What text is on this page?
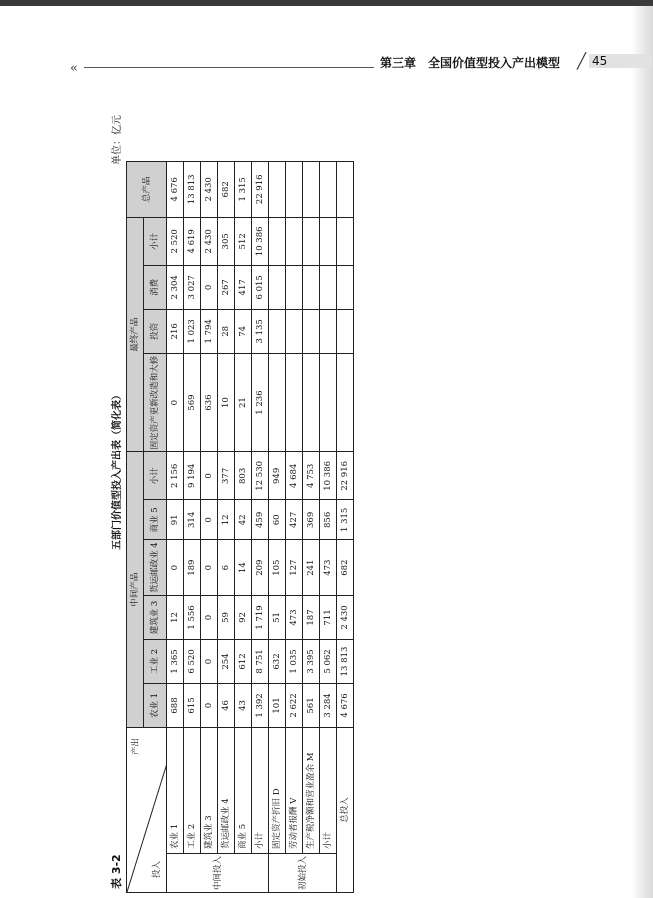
«	第三章　全国价值型投入产出模型 ╱ 45
表 3-2
五部门价值型投入产出表（简化表）
单位：亿元
产出
投入		中间产品						最终产品				总产品
		农业 1	工业 2	建筑业 3	货运邮政业 4	商业 5	小计	固定资产更新改造和大修	投资	消费	小计	
中间投入	农业 1	688	1 365	12	0	91	2 156	0	216	2 304	2 520	4 676
	工业 2	615	6 520	1 556	189	314	9 194	569	1 023	3 027	4 619	13 813
	建筑业 3	0	0	0	0	0	0	636	1 794	0	2 430	2 430
	货运邮政业 4	46	254	59	6	12	377	10	28	267	305	682
	商业 5	43	612	92	14	42	803	21	74	417	512	1 315
	小计	1 392	8 751	1 719	209	459	12 530	1 236	3 135	6 015	10 386	22 916
初始投入	固定资产折旧 D	101	632	51	105	60	949					
	劳动者报酬 V	2 622	1 035	473	127	427	4 684					
	生产税净额和营业盈余 M	561	3 395	187	241	369	4 753					
	小计	3 284	5 062	711	473	856	10 386					
总投入		4 676	13 813	2 430	682	1 315	22 916					
